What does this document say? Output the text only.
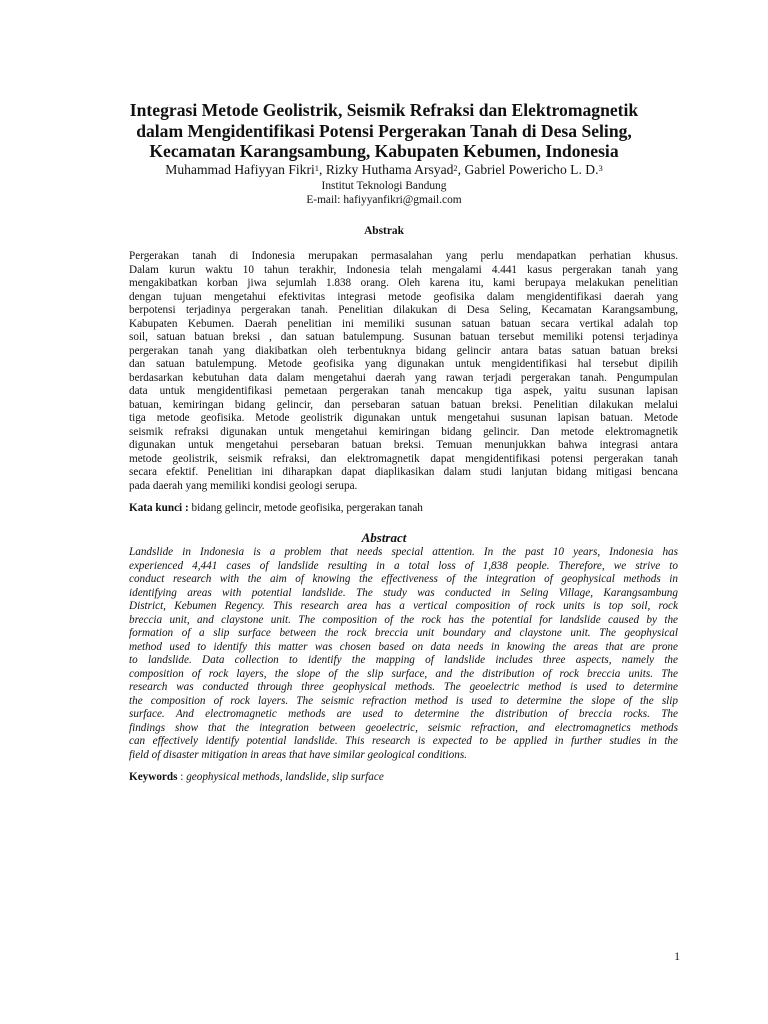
Integrasi Metode Geolistrik, Seismik Refraksi dan Elektromagnetik
dalam Mengidentifikasi Potensi Pergerakan Tanah di Desa Seling,
Kecamatan Karangsambung, Kabupaten Kebumen, Indonesia
Muhammad Hafiyyan Fikri$^1$, Rizky Huthama Arsyad$^2$, Gabriel Powericho L. D.$^3$
Institut Teknologi Bandung
E-mail: hafiyyanfikri@gmail.com
Abstrak
Pergerakan tanah di Indonesia merupakan permasalahan yang perlu mendapatkan perhatian khusus.
Dalam kurun waktu 10 tahun terakhir, Indonesia telah mengalami 4.441 kasus pergerakan tanah yang
mengakibatkan korban jiwa sejumlah 1.838 orang. Oleh karena itu, kami berupaya melakukan penelitian
dengan tujuan mengetahui efektivitas integrasi metode geofisika dalam mengidentifikasi daerah yang
berpotensi terjadinya pergerakan tanah. Penelitian dilakukan di Desa Seling, Kecamatan Karangsambung,
Kabupaten Kebumen. Daerah penelitian ini memiliki susunan satuan batuan secara vertikal adalah top
soil, satuan batuan breksi , dan satuan batulempung. Susunan batuan tersebut memiliki potensi terjadinya
pergerakan tanah yang diakibatkan oleh terbentuknya bidang gelincir antara batas satuan batuan breksi
dan satuan batulempung. Metode geofisika yang digunakan untuk mengidentifikasi hal tersebut dipilih
berdasarkan kebutuhan data dalam mengetahui daerah yang rawan terjadi pergerakan tanah. Pengumpulan
data untuk mengidentifikasi pemetaan pergerakan tanah mencakup tiga aspek, yaitu susunan lapisan
batuan, kemiringan bidang gelincir, dan persebaran satuan batuan breksi. Penelitian dilakukan melalui
tiga metode geofisika. Metode geolistrik digunakan untuk mengetahui susunan lapisan batuan. Metode
seismik refraksi digunakan untuk mengetahui kemiringan bidang gelincir. Dan metode elektromagnetik
digunakan untuk mengetahui persebaran batuan breksi. Temuan menunjukkan bahwa integrasi antara
metode geolistrik, seismik refraksi, dan elektromagnetik dapat mengidentifikasi potensi pergerakan tanah
secara efektif. Penelitian ini diharapkan dapat diaplikasikan dalam studi lanjutan bidang mitigasi bencana
pada daerah yang memiliki kondisi geologi serupa.
Kata kunci : bidang gelincir, metode geofisika, pergerakan tanah
Abstract
Landslide in Indonesia is a problem that needs special attention. In the past 10 years, Indonesia has
experienced 4,441 cases of landslide resulting in a total loss of 1,838 people. Therefore, we strive to
conduct research with the aim of knowing the effectiveness of the integration of geophysical methods in
identifying areas with potential landslide. The study was conducted in Seling Village, Karangsambung
District, Kebumen Regency. This research area has a vertical composition of rock units is top soil, rock
breccia unit, and claystone unit. The composition of the rock has the potential for landslide caused by the
formation of a slip surface between the rock breccia unit boundary and claystone unit. The geophysical
method used to identify this matter was chosen based on data needs in knowing the areas that are prone
to landslide. Data collection to identify the mapping of landslide includes three aspects, namely the
composition of rock layers, the slope of the slip surface, and the distribution of rock breccia units. The
research was conducted through three geophysical methods. The geoelectric method is used to determine
the composition of rock layers. The seismic refraction method is used to determine the slope of the slip
surface. And electromagnetic methods are used to determine the distribution of breccia rocks. The
findings show that the integration between geoelectric, seismic refraction, and electromagnetics methods
can effectively identify potential landslide. This research is expected to be applied in further studies in the
field of disaster mitigation in areas that have similar geological conditions.
Keywords : geophysical methods, landslide, slip surface
1
